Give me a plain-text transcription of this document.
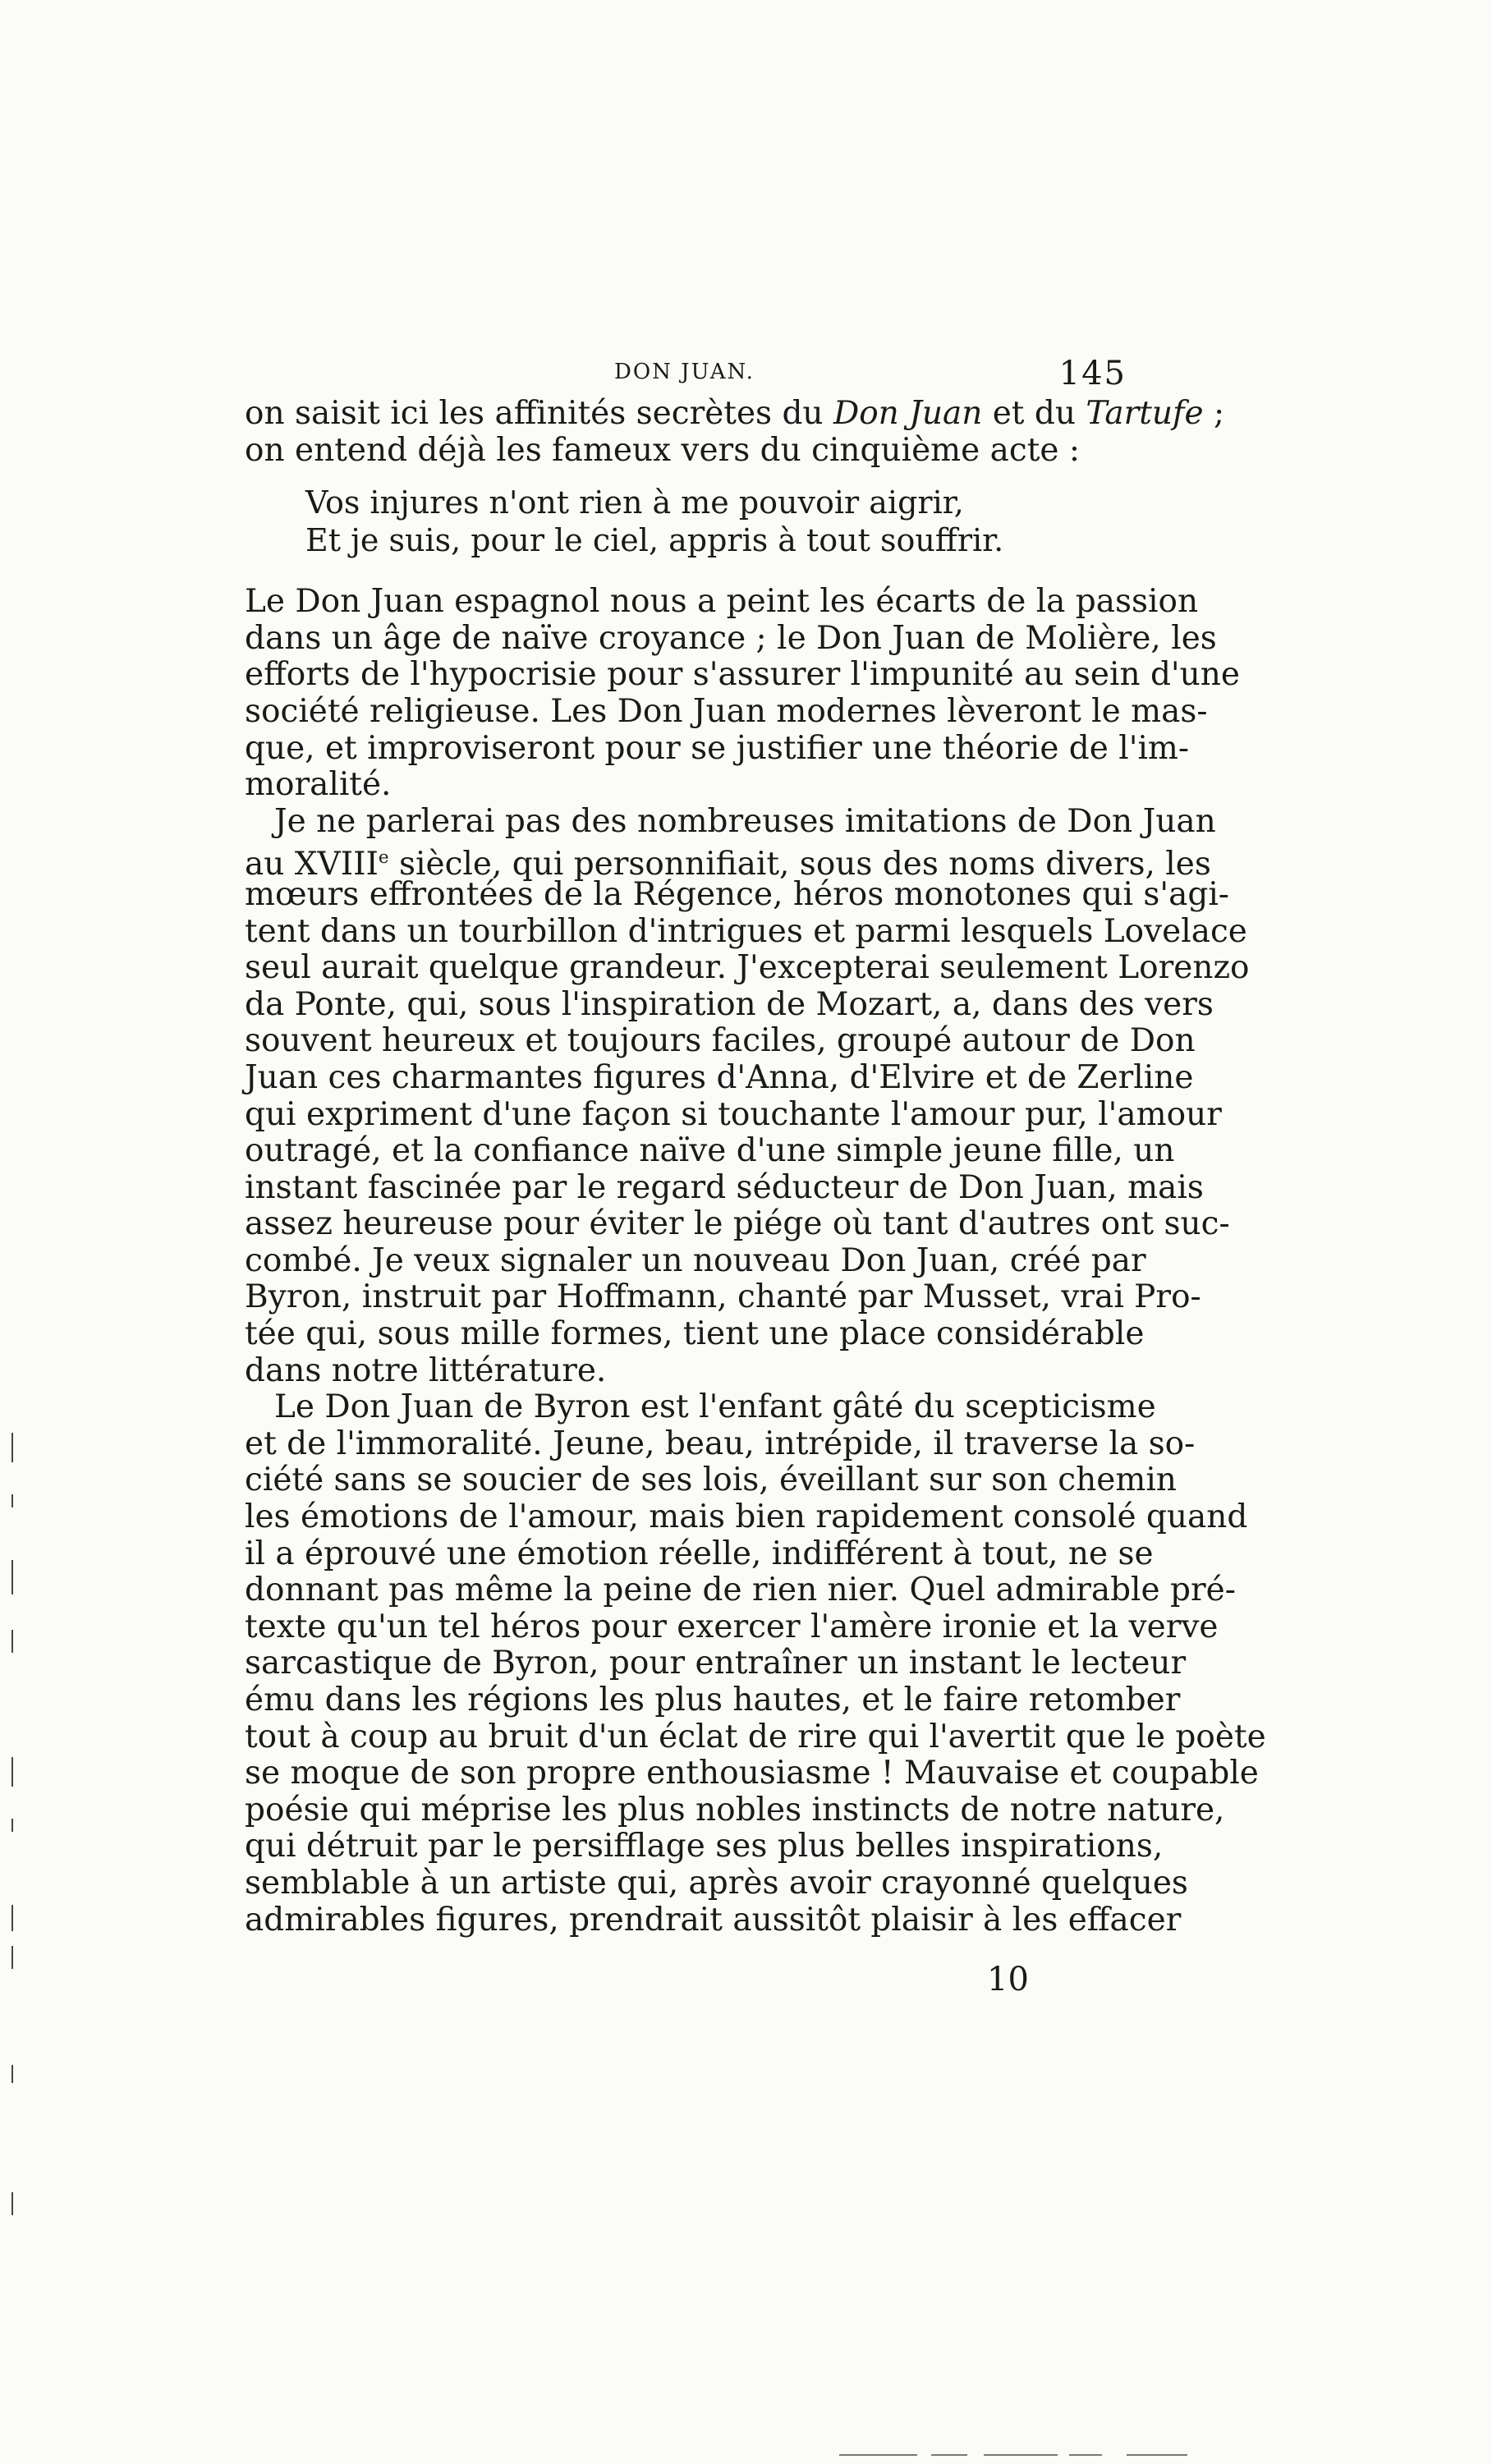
DON JUAN.	145
on saisit ici les affinités secrètes du Don Juan et du Tartufe ;
on entend déjà les fameux vers du cinquième acte :
Vos injures n'ont rien à me pouvoir aigrir,
Et je suis, pour le ciel, appris à tout souffrir.
Le Don Juan espagnol nous a peint les écarts de la passion
dans un âge de naïve croyance ; le Don Juan de Molière, les
efforts de l'hypocrisie pour s'assurer l'impunité au sein d'une
société religieuse. Les Don Juan modernes lèveront le mas-
que, et improviseront pour se justifier une théorie de l'im-
moralité.
Je ne parlerai pas des nombreuses imitations de Don Juan
au XVIIIe siècle, qui personnifiait, sous des noms divers, les
mœurs effrontées de la Régence, héros monotones qui s'agi-
tent dans un tourbillon d'intrigues et parmi lesquels Lovelace
seul aurait quelque grandeur. J'excepterai seulement Lorenzo
da Ponte, qui, sous l'inspiration de Mozart, a, dans des vers
souvent heureux et toujours faciles, groupé autour de Don
Juan ces charmantes figures d'Anna, d'Elvire et de Zerline
qui expriment d'une façon si touchante l'amour pur, l'amour
outragé, et la confiance naïve d'une simple jeune fille, un
instant fascinée par le regard séducteur de Don Juan, mais
assez heureuse pour éviter le piége où tant d'autres ont suc-
combé. Je veux signaler un nouveau Don Juan, créé par
Byron, instruit par Hoffmann, chanté par Musset, vrai Pro-
tée qui, sous mille formes, tient une place considérable
dans notre littérature.
Le Don Juan de Byron est l'enfant gâté du scepticisme
et de l'immoralité. Jeune, beau, intrépide, il traverse la so-
ciété sans se soucier de ses lois, éveillant sur son chemin
les émotions de l'amour, mais bien rapidement consolé quand
il a éprouvé une émotion réelle, indifférent à tout, ne se
donnant pas même la peine de rien nier. Quel admirable pré-
texte qu'un tel héros pour exercer l'amère ironie et la verve
sarcastique de Byron, pour entraîner un instant le lecteur
ému dans les régions les plus hautes, et le faire retomber
tout à coup au bruit d'un éclat de rire qui l'avertit que le poète
se moque de son propre enthousiasme ! Mauvaise et coupable
poésie qui méprise les plus nobles instincts de notre nature,
qui détruit par le persifflage ses plus belles inspirations,
semblable à un artiste qui, après avoir crayonné quelques
admirables figures, prendrait aussitôt plaisir à les effacer
10
